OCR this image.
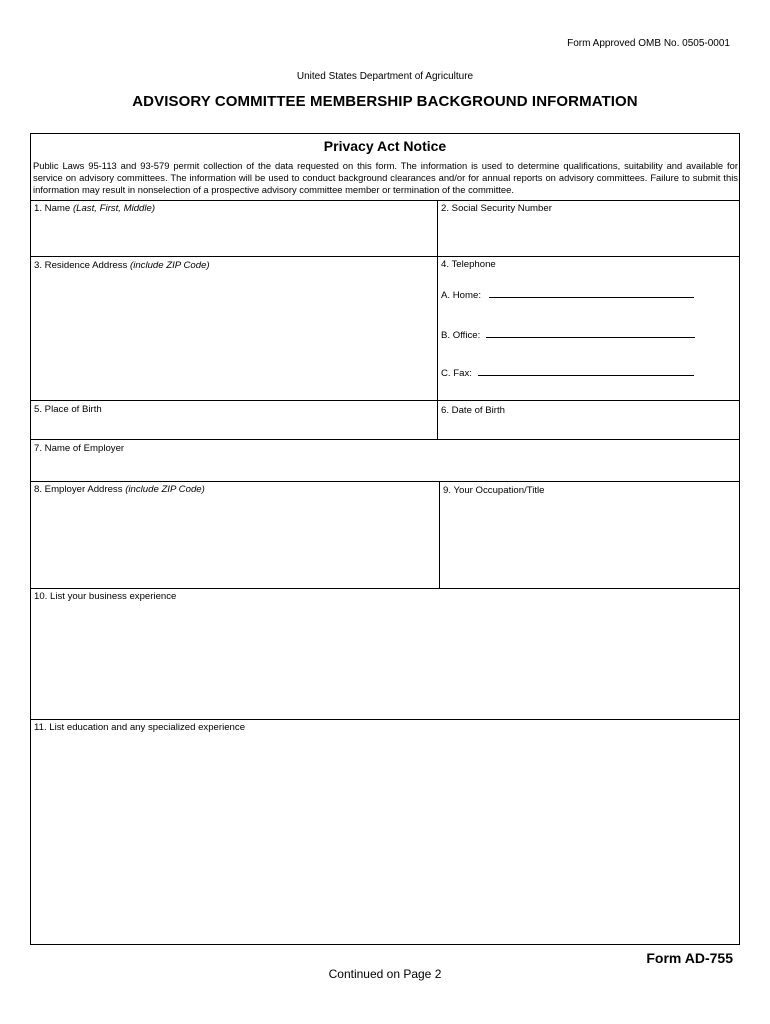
Form Approved OMB No. 0505-0001
United States Department of Agriculture
ADVISORY COMMITTEE MEMBERSHIP BACKGROUND INFORMATION
Privacy Act Notice
Public Laws 95-113 and 93-579 permit collection of the data requested on this form. The information is used to determine qualifications, suitability and available for service on advisory committees. The information will be used to conduct background clearances and/or for annual reports on advisory committees. Failure to submit this information may result in nonselection of a prospective advisory committee member or termination of the committee.
1. Name (Last, First, Middle)	2. Social Security Number
3. Residence Address (include ZIP Code)	4. Telephone
A. Home:
B. Office:
C. Fax:
5. Place of Birth	6. Date of Birth
7. Name of Employer
8. Employer Address (include ZIP Code)	9. Your Occupation/Title
10. List your business experience
11. List education and any specialized experience
Form AD-755
Continued on Page 2
